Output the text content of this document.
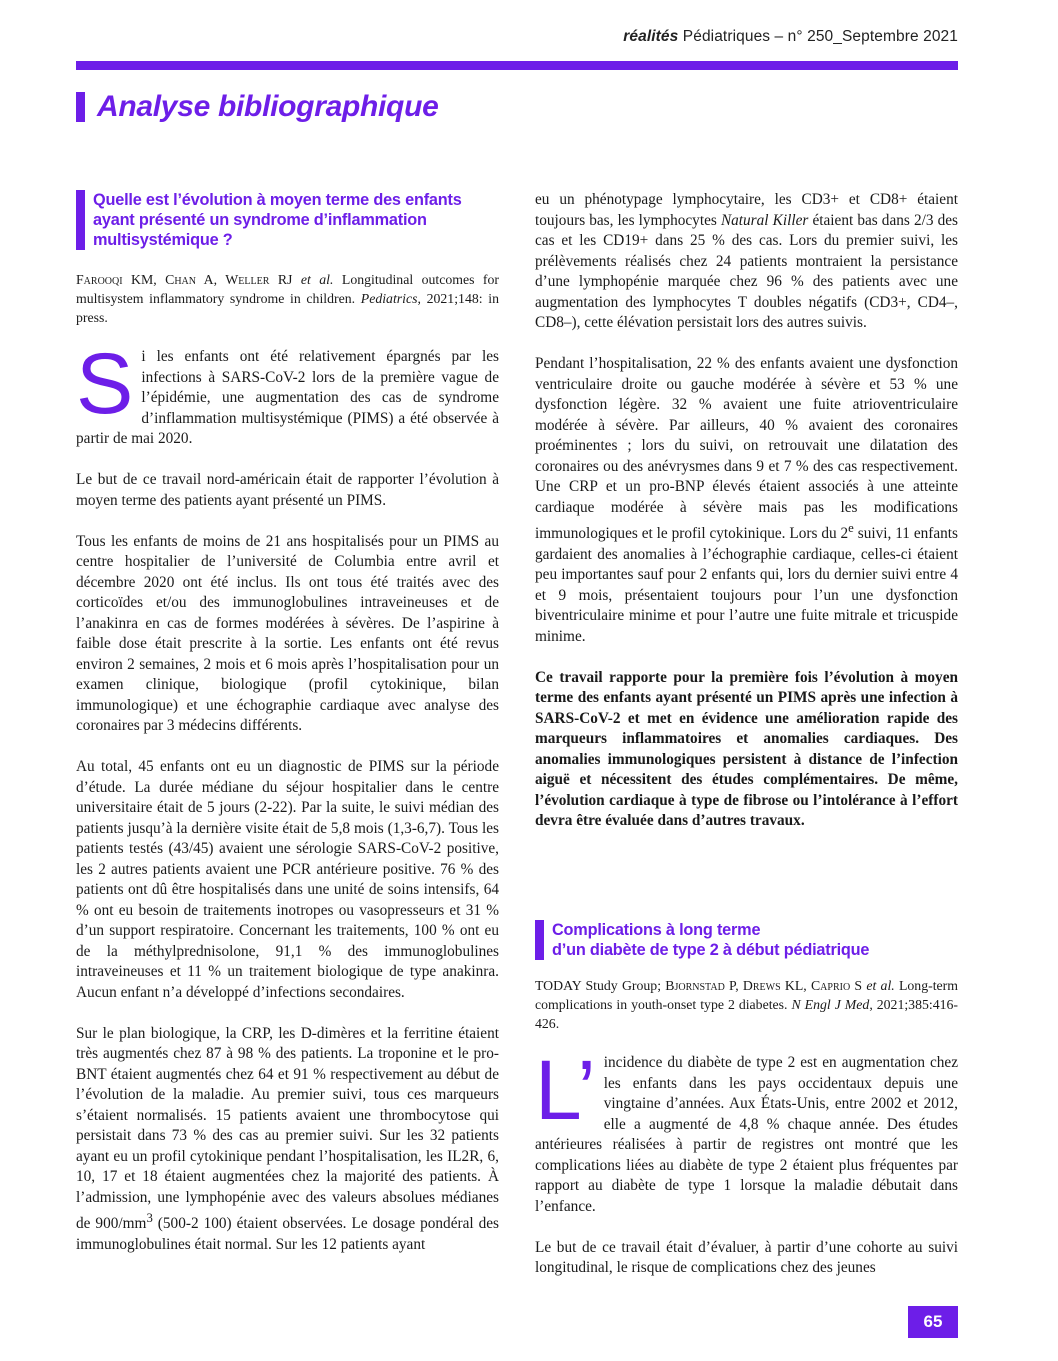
réalités Pédiatriques – n° 250_Septembre 2021
Analyse bibliographique
Quelle est l’évolution à moyen terme des enfants ayant présenté un syndrome d’inflammation multisystémique ?

Farooqi KM, Chan A, Weller RJ et al. Longitudinal outcomes for multisystem inflammatory syndrome in children. Pediatrics, 2021;148: in press.

Si les enfants ont été relativement épargnés par les infections à SARS-CoV-2 lors de la première vague de l’épidémie, une augmentation des cas de syndrome d’inflammation multisystémique (PIMS) a été observée à partir de mai 2020.

Le but de ce travail nord-américain était de rapporter l’évolution à moyen terme des patients ayant présenté un PIMS.

Tous les enfants de moins de 21 ans hospitalisés pour un PIMS au centre hospitalier de l’université de Columbia entre avril et décembre 2020 ont été inclus. Ils ont tous été traités avec des corticoïdes et/ou des immunoglobulines intraveineuses et de l’anakinra en cas de formes modérées à sévères. De l’aspirine à faible dose était prescrite à la sortie. Les enfants ont été revus environ 2 semaines, 2 mois et 6 mois après l’hospitalisation pour un examen clinique, biologique (profil cytokinique, bilan immunologique) et une échographie cardiaque avec analyse des coronaires par 3 médecins différents.

Au total, 45 enfants ont eu un diagnostic de PIMS sur la période d’étude. La durée médiane du séjour hospitalier dans le centre universitaire était de 5 jours (2-22). Par la suite, le suivi médian des patients jusqu’à la dernière visite était de 5,8 mois (1,3-6,7). Tous les patients testés (43/45) avaient une sérologie SARS-CoV-2 positive, les 2 autres patients avaient une PCR antérieure positive. 76 % des patients ont dû être hospitalisés dans une unité de soins intensifs, 64 % ont eu besoin de traitements inotropes ou vasopresseurs et 31 % d’un support respiratoire. Concernant les traitements, 100 % ont eu de la méthylprednisolone, 91,1 % des immunoglobulines intraveineuses et 11 % un traitement biologique de type anakinra. Aucun enfant n’a développé d’infections secondaires.

Sur le plan biologique, la CRP, les D-dimères et la ferritine étaient très augmentés chez 87 à 98 % des patients. La troponine et le pro-BNT étaient augmentés chez 64 et 91 % respectivement au début de l’évolution de la maladie. Au premier suivi, tous ces marqueurs s’étaient normalisés. 15 patients avaient une thrombocytose qui persistait dans 73 % des cas au premier suivi. Sur les 32 patients ayant eu un profil cytokinique pendant l’hospitalisation, les IL2R, 6, 10, 17 et 18 étaient augmentées chez la majorité des patients. À l’admission, une lymphopénie avec des valeurs absolues médianes de $900/mm^3$ (500-2 100) étaient observées. Le dosage pondéral des immunoglobulines était normal. Sur les 12 patients ayant

eu un phénotypage lymphocytaire, les CD3+ et CD8+ étaient toujours bas, les lymphocytes Natural Killer étaient bas dans 2/3 des cas et les CD19+ dans 25 % des cas. Lors du premier suivi, les prélèvements réalisés chez 24 patients montraient la persistance d’une lymphopénie marquée chez 96 % des patients avec une augmentation des lymphocytes T doubles négatifs (CD3+, CD4–, CD8–), cette élévation persistait lors des autres suivis.

Pendant l’hospitalisation, 22 % des enfants avaient une dysfonction ventriculaire droite ou gauche modérée à sévère et 53 % une dysfonction légère. 32 % avaient une fuite atrioventriculaire modérée à sévère. Par ailleurs, 40 % avaient des coronaires proéminentes ; lors du suivi, on retrouvait une dilatation des coronaires ou des anévrysmes dans 9 et 7 % des cas respectivement. Une CRP et un pro-BNP élevés étaient associés à une atteinte cardiaque modérée à sévère mais pas les modifications immunologiques et le profil cytokinique. Lors du 2e suivi, 11 enfants gardaient des anomalies à l’échographie cardiaque, celles-ci étaient peu importantes sauf pour 2 enfants qui, lors du dernier suivi entre 4 et 9 mois, présentaient toujours pour l’un une dysfonction biventriculaire minime et pour l’autre une fuite mitrale et tricuspide minime.

Ce travail rapporte pour la première fois l’évolution à moyen terme des enfants ayant présenté un PIMS après une infection à SARS-CoV-2 et met en évidence une amélioration rapide des marqueurs inflammatoires et anomalies cardiaques. Des anomalies immunologiques persistent à distance de l’infection aiguë et nécessitent des études complémentaires. De même, l’évolution cardiaque à type de fibrose ou l’intolérance à l’effort devra être évaluée dans d’autres travaux.

Complications à long terme
d’un diabète de type 2 à début pédiatrique

TODAY Study Group; Bjornstad P, Drews KL, Caprio S et al. Long-term complications in youth-onset type 2 diabetes. N Engl J Med, 2021;385:416-426.

L’ incidence du diabète de type 2 est en augmentation chez les enfants dans les pays occidentaux depuis une vingtaine d’années. Aux États-Unis, entre 2002 et 2012, elle a augmenté de 4,8 % chaque année. Des études antérieures réalisées à partir de registres ont montré que les complications liées au diabète de type 2 étaient plus fréquentes par rapport au diabète de type 1 lorsque la maladie débutait dans l’enfance.

Le but de ce travail était d’évaluer, à partir d’une cohorte au suivi longitudinal, le risque de complications chez des jeunes

65
